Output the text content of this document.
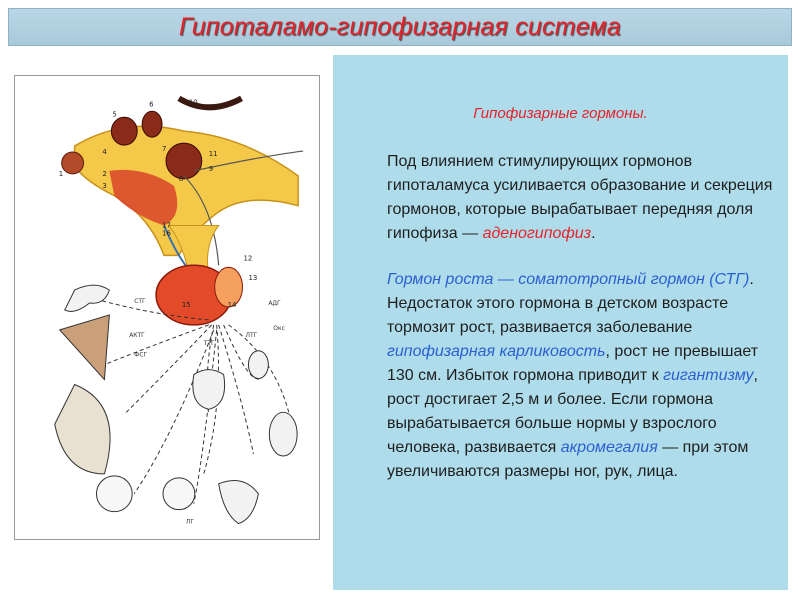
Гипоталамо-гипофизарная система
1	2
3
4
5
6
7
8
9
10
11
12
13
14
15
16
17
СТГ
АКТГ
ФСГ
ТТГ
ЛТГ
ЛГ
АДГ
Окс
Гипофизарные гормоны.

Под влиянием стимулирующих гормонов гипоталамуса усиливается образование и секреция гормонов, которые вырабатывает передняя доля гипофиза — аденогипофиз.

Гормон роста — соматотропный гормон (СТГ). Недостаток этого гормона в детском возрасте тормозит рост, развивается заболевание гипофизарная карликовость, рост не превышает 130 см. Избыток гормона приводит к гигантизму, рост достигает 2,5 м и более. Если гормона вырабатывается больше нормы у взрослого человека, развивается акромегалия — при этом увеличиваются размеры ног, рук, лица.
